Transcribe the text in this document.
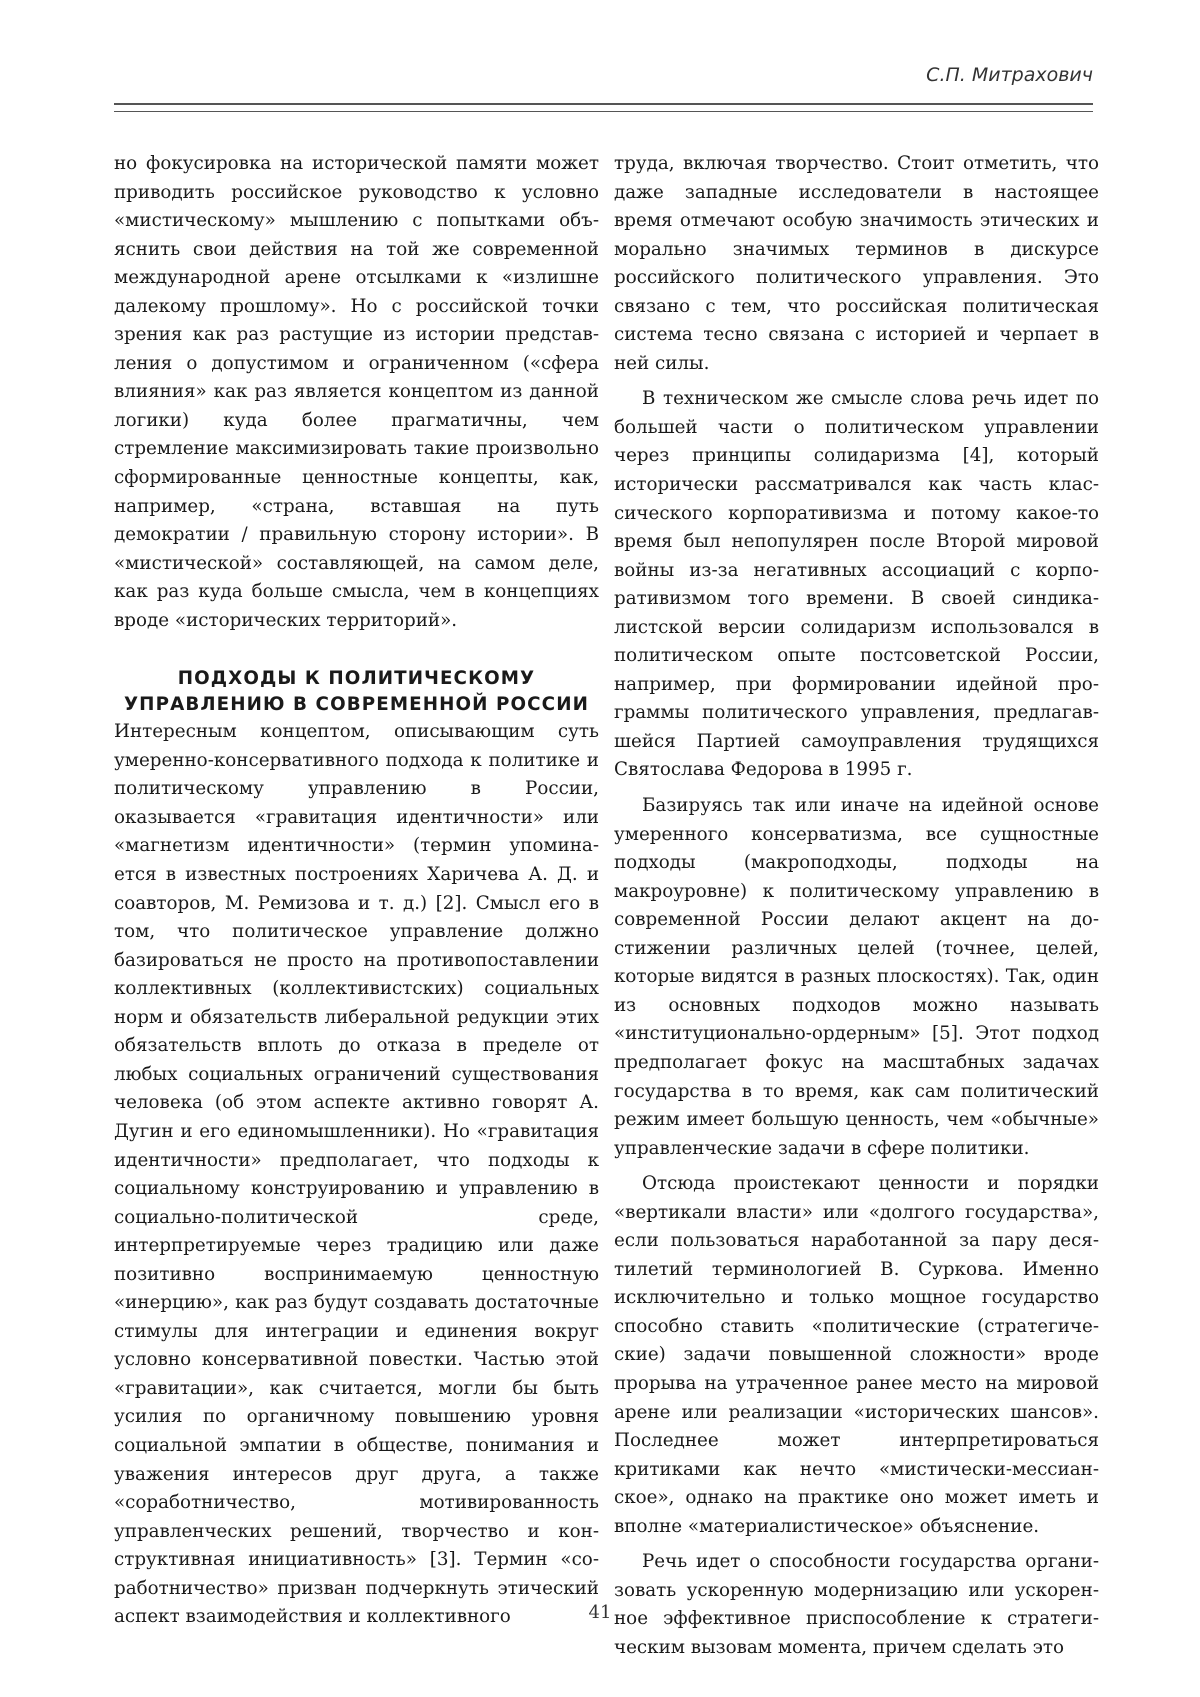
С.П. Митрахович

но фокусировка на исторической памяти может приводить российское руководство к условно «мистическому» мышлению с попытками объяснить свои действия на той же современной международной арене отсылками к «излишне далекому прошлому». Но с российской точки зрения как раз растущие из истории представления о допустимом и ограниченном («сфера влияния» как раз является концептом из данной логики) куда более прагматичны, чем стремление максимизировать такие произвольно сформированные ценностные концепты, как, например, «страна, вставшая на путь демократии / правильную сторону истории». В «мистической» составляющей, на самом деле, как раз куда больше смысла, чем в концепциях вроде «исторических территорий».

ПОДХОДЫ К ПОЛИТИЧЕСКОМУ
УПРАВЛЕНИЮ В СОВРЕМЕННОЙ РОССИИ

Интересным концептом, описывающим суть умеренно-консервативного подхода к политике и политическому управлению в России, оказывается «гравитация идентичности» или «магнетизм идентичности» (термин упоминается в известных построениях Харичева А. Д. и соавторов, М. Ремизова и т. д.) [2]. Смысл его в том, что политическое управление должно базироваться не просто на противопоставлении коллективных (коллективистских) социальных норм и обязательств либеральной редукции этих обязательств вплоть до отказа в пределе от любых социальных ограничений существования человека (об этом аспекте активно говорят А. Дугин и его единомышленники). Но «гравитация идентичности» предполагает, что подходы к социальному конструированию и управлению в социально-политической среде, интерпретируемые через традицию или даже позитивно воспринимаемую ценностную «инерцию», как раз будут создавать достаточные стимулы для интеграции и единения вокруг условно консервативной повестки. Частью этой «гравитации», как считается, могли бы быть усилия по органичному повышению уровня социальной эмпатии в обществе, понимания и уважения интересов друг друга, а также «соработничество, мотивированность управленческих решений, творчество и конструктивная инициативность» [3]. Термин «соработничество» призван подчеркнуть этический аспект взаимодействия и коллективного

труда, включая творчество. Стоит отметить, что даже западные исследователи в настоящее время отмечают особую значимость этических и морально значимых терминов в дискурсе российского политического управления. Это связано с тем, что российская политическая система тесно связана с историей и черпает в ней силы.

В техническом же смысле слова речь идет по большей части о политическом управлении через принципы солидаризма [4], который исторически рассматривался как часть классического корпоративизма и потому какое-то время был непопулярен после Второй мировой войны из-за негативных ассоциаций с корпоративизмом того времени. В своей синдикалистской версии солидаризм использовался в политическом опыте постсоветской России, например, при формировании идейной программы политического управления, предлагавшейся Партией самоуправления трудящихся Святослава Федорова в 1995 г.

Базируясь так или иначе на идейной основе умеренного консерватизма, все сущностные подходы (макроподходы, подходы на макроуровне) к политическому управлению в современной России делают акцент на достижении различных целей (точнее, целей, которые видятся в разных плоскостях). Так, один из основных подходов можно называть «институционально-ордерным» [5]. Этот подход предполагает фокус на масштабных задачах государства в то время, как сам политический режим имеет большую ценность, чем «обычные» управленческие задачи в сфере политики.

Отсюда проистекают ценности и порядки «вертикали власти» или «долгого государства», если пользоваться наработанной за пару десятилетий терминологией В. Суркова. Именно исключительно и только мощное государство способно ставить «политические (стратегические) задачи повышенной сложности» вроде прорыва на утраченное ранее место на мировой арене или реализации «исторических шансов». Последнее может интерпретироваться критиками как нечто «мистически-мессианское», однако на практике оно может иметь и вполне «материалистическое» объяснение.

Речь идет о способности государства организовать ускоренную модернизацию или ускоренное эффективное приспособление к стратегическим вызовам момента, причем сделать это

41
